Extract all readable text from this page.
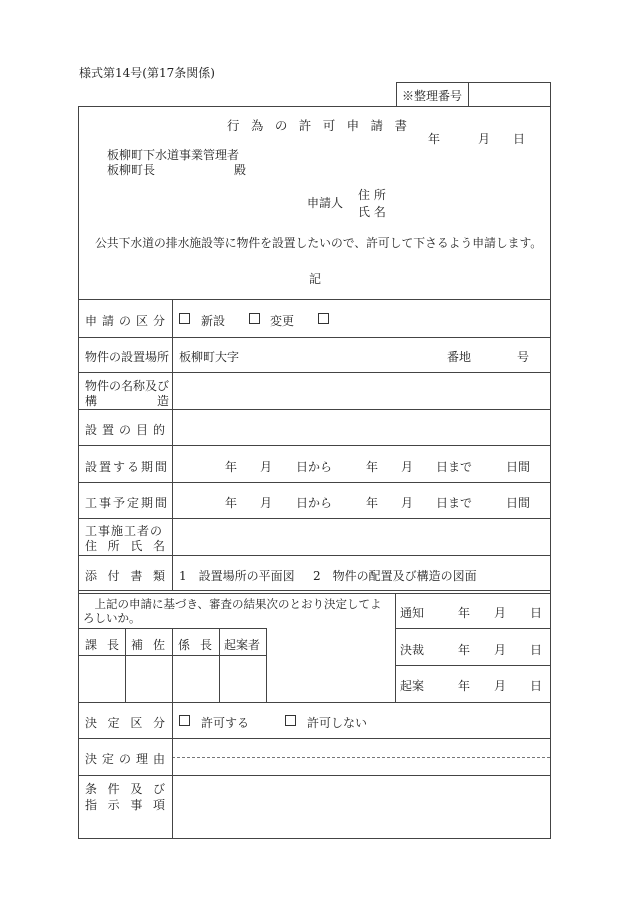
様式第14号(第17条関係)
※整理番号
行 為 の 許 可 申 請 書
年	月 日
板柳町下水道事業管理者
板柳町長	殿
申請人
住 所
氏 名
公共下水道の排水施設等に物件を設置したいので、許可して下さるよう申請します。
記
申 請 の 区 分	新設	変更
物件の設置場所 板柳町大字	番地	号
物件の名称及び
構	造
設 置 の 目 的
設置する期間	年 月 日から	年 月 日まで	日間
工事予定期間	年 月 日から	年 月 日まで	日間
工事施工者の
住 所 氏 名
添 付 書 類 1　設置場所の平面図 2　物件の配置及び構造の図面
上記の申請に基づき、審査の結果次のとおり決定してよろしいか。
課 長 補 佐 係 長 起案者
通知	年 月 日
決裁	年 月 日
起案	年 月 日
決 定 区 分	許可する	許可しない
決 定 の 理 由
条 件 及 び
指 示 事 項
